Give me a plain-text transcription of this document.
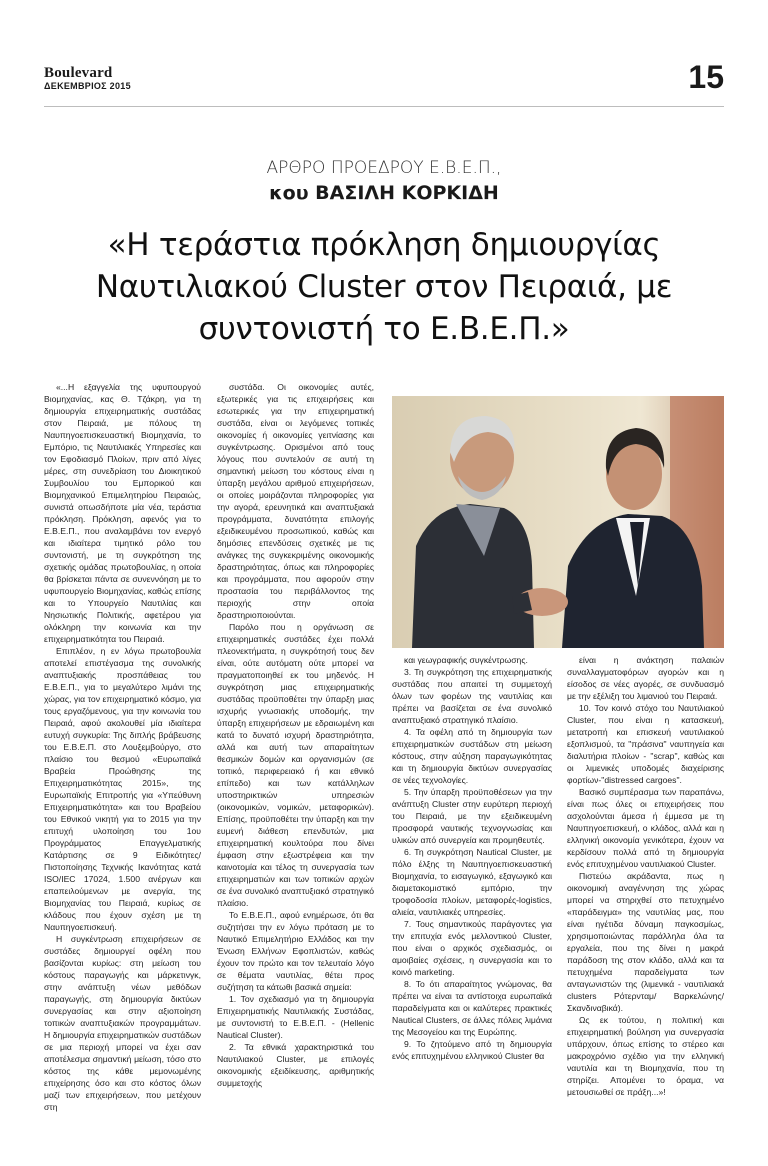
Boulevard
ΔΕΚΕΜΒΡΙΟΣ 2015	15
ΑΡΘΡΟ ΠΡΟΕΔΡΟΥ Ε.Β.Ε.Π.,
κου ΒΑΣΙΛΗ ΚΟΡΚΙΔΗ
«Η τεράστια πρόκληση δημιουργίας Ναυτιλιακού Cluster στον Πειραιά, με συντονιστή το Ε.Β.Ε.Π.»

«...Η εξαγγελία της υφυπουργού Βιομηχανίας, κας Θ. Τζάκρη, για τη δημιουργία επιχειρηματικής συστάδας στον Πειραιά, με πόλους τη Ναυπηγοεπισκευαστική Βιομηχανία, το Εμπόριο, τις Ναυτιλιακές Υπηρεσίες και τον Εφοδιασμό Πλοίων, πριν από λίγες μέρες, στη συνεδρίαση του Διοικητικού Συμβουλίου του Εμπορικού και Βιομηχανικού Επιμελητηρίου Πειραιώς, συνιστά οπωσδήποτε μία νέα, τεράστια πρόκληση. Πρόκληση, αφενός για το Ε.Β.Ε.Π., που αναλαμβάνει τον ενεργό και ιδιαίτερα τιμητικό ρόλο του συντονιστή, με τη συγκρότηση της σχετικής ομάδας πρωτοβουλίας, η οποία θα βρίσκεται πάντα σε συνεννόηση με το υφυπουργείο Βιομηχανίας, καθώς επίσης και το Υπουργείο Ναυτιλίας και Νησιωτικής Πολιτικής, αφετέρου για ολόκληρη την κοινωνία και την επιχειρηματικότητα του Πειραιά.

Επιπλέον, η εν λόγω πρωτοβουλία αποτελεί επιστέγασμα της συνολικής αναπτυξιακής προσπάθειας του Ε.Β.Ε.Π., για το μεγαλύτερο λιμάνι της χώρας, για τον επιχειρηματικό κόσμο, για τους εργαζόμενους, για την κοινωνία του Πειραιά, αφού ακολουθεί μία ιδιαίτερα ευτυχή συγκυρία: Της διπλής βράβευσης του Ε.Β.Ε.Π. στο Λουξεμβούργο, στο πλαίσιο του θεσμού «Ευρωπαϊκά Βραβεία Προώθησης της Επιχειρηματικότητας 2015», της Ευρωπαϊκής Επιτροπής για «Υπεύθυνη Επιχειρηματικότητα» και του Βραβείου του Εθνικού νικητή για το 2015 για την επιτυχή υλοποίηση του 1ου Προγράμματος Επαγγελματικής Κατάρτισης σε 9 Ειδικότητες/Πιστοποίησης Τεχνικής Ικανότητας κατά ISO/IEC 17024, 1.500 ανέργων και επαπειλούμενων με ανεργία, της Βιομηχανίας του Πειραιά, κυρίως σε κλάδους που έχουν σχέση με τη Ναυπηγοεπισκευή.

Η συγκέντρωση επιχειρήσεων σε συστάδες δημιουργεί οφέλη που βασίζονται κυρίως: στη μείωση του κόστους παραγωγής και μάρκετινγκ, στην ανάπτυξη νέων μεθόδων παραγωγής, στη δημιουργία δικτύων συνεργασίας και στην αξιοποίηση τοπικών αναπτυξιακών προγραμμάτων. Η δημιουργία επιχειρηματικών συστάδων σε μια περιοχή μπορεί να έχει σαν αποτέλεσμα σημαντική μείωση, τόσο στο κόστος της κάθε μεμονωμένης επιχείρησης όσο και στο κόστος όλων μαζί των επιχειρήσεων, που μετέχουν στη

συστάδα. Οι οικονομίες αυτές, εξωτερικές για τις επιχειρήσεις και εσωτερικές για την επιχειρηματική συστάδα, είναι οι λεγόμενες τοπικές οικονομίες ή οικονομίες γειτνίασης και συγκέντρωσης. Ορισμένοι από τους λόγους που συντελούν σε αυτή τη σημαντική μείωση του κόστους είναι η ύπαρξη μεγάλου αριθμού επιχειρήσεων, οι οποίες μοιράζονται πληροφορίες για την αγορά, ερευνητικά και αναπτυξιακά προγράμματα, δυνατότητα επιλογής εξειδικευμένου προσωπικού, καθώς και δημόσιες επενδύσεις σχετικές με τις ανάγκες της συγκεκριμένης οικονομικής δραστηριότητας, όπως και πληροφορίες και προγράμματα, που αφορούν στην προστασία του περιβάλλοντος της περιοχής στην οποία δραστηριοποιούνται.

Παρόλο που η οργάνωση σε επιχειρηματικές συστάδες έχει πολλά πλεονεκτήματα, η συγκρότησή τους δεν είναι, ούτε αυτόματη ούτε μπορεί να πραγματοποιηθεί εκ του μηδενός. Η συγκρότηση μιας επιχειρηματικής συστάδας προϋποθέτει την ύπαρξη μιας ισχυρής γνωσιακής υποδομής, την ύπαρξη επιχειρήσεων με εδραιωμένη και κατά το δυνατό ισχυρή δραστηριότητα, αλλά και αυτή των απαραίτητων θεσμικών δομών και οργανισμών (σε τοπικό, περιφερειακό ή και εθνικό επίπεδο) και των κατάλληλων υποστηρικτικών υπηρεσιών (οικονομικών, νομικών, μεταφορικών). Επίσης, προϋποθέτει την ύπαρξη και την ευμενή διάθεση επενδυτών, μια επιχειρηματική κουλτούρα που δίνει έμφαση στην εξωστρέφεια και την καινοτομία και τέλος τη συνεργασία των επιχειρηματιών και των τοπικών αρχών σε ένα συνολικό αναπτυξιακό στρατηγικό πλαίσιο.

Το Ε.Β.Ε.Π., αφού ενημέρωσε, ότι θα συζητήσει την εν λόγω πρόταση με το Ναυτικό Επιμελητήριο Ελλάδος και την Ένωση Ελλήνων Εφοπλιστών, καθώς έχουν τον πρώτο και τον τελευταίο λόγο σε θέματα ναυτιλίας, θέτει προς συζήτηση τα κάτωθι βασικά σημεία:

1. Τον σχεδιασμό για τη δημιουργία Επιχειρηματικής Ναυτιλιακής Συστάδας, με συντονιστή το Ε.Β.Ε.Π. - (Hellenic Nautical Cluster).

2. Τα εθνικά χαρακτηριστικά του Ναυτιλιακού Cluster, με επιλογές οικονομικής εξειδίκευσης, αριθμητικής συμμετοχής

και γεωγραφικής συγκέντρωσης.

3. Τη συγκρότηση της επιχειρηματικής συστάδας που απαιτεί τη συμμετοχή όλων των φορέων της ναυτιλίας και πρέπει να βασίζεται σε ένα συνολικό αναπτυξιακό στρατηγικό πλαίσιο.

4. Τα οφέλη από τη δημιουργία των επιχειρηματικών συστάδων στη μείωση κόστους, στην αύξηση παραγωγικότητας και τη δημιουργία δικτύων συνεργασίας σε νέες τεχνολογίες.

5. Την ύπαρξη προϋποθέσεων για την ανάπτυξη Cluster στην ευρύτερη περιοχή του Πειραιά, με την εξειδικευμένη προσφορά ναυτικής τεχνογνωσίας και υλικών από συνεργεία και προμηθευτές.

6. Τη συγκρότηση Nautical Cluster, με πόλο έλξης τη Ναυπηγοεπισκευαστική Βιομηχανία, το εισαγωγικό, εξαγωγικό και διαμετακομιστικό εμπόριο, την τροφοδοσία πλοίων, μεταφορές-logistics, αλιεία, ναυτιλιακές υπηρεσίες.

7. Τους σημαντικούς παράγοντες για την επιτυχία ενός μελλοντικού Cluster, που είναι ο αρχικός σχεδιασμός, οι αμοιβαίες σχέσεις, η συνεργασία και το κοινό marketing.

8. Το ότι απαραίτητος γνώμονας, θα πρέπει να είναι τα αντίστοιχα ευρωπαϊκά παραδείγματα και οι καλύτερες πρακτικές Nautical Clusters, σε άλλες πόλεις λιμάνια της Μεσογείου και της Ευρώπης.

9. Το ζητούμενο από τη δημιουργία ενός επιτυχημένου ελληνικού Cluster θα

είναι η ανάκτηση παλαιών συναλλαγματοφόρων αγορών και η είσοδος σε νέες αγορές, σε συνδυασμό με την εξέλιξη του λιμανιού του Πειραιά.

10. Τον κοινό στόχο του Ναυτιλιακού Cluster, που είναι η κατασκευή, μετατροπή και επισκευή ναυτιλιακού εξοπλισμού, τα "πράσινα" ναυπηγεία και διαλυτήρια πλοίων - "scrap", καθώς και οι λιμενικές υποδομές διαχείρισης φορτίων-"distressed cargoes".

Βασικό συμπέρασμα των παραπάνω, είναι πως όλες οι επιχειρήσεις που ασχολούνται άμεσα ή έμμεσα με τη Ναυπηγοεπισκευή, ο κλάδος, αλλά και η ελληνική οικονομία γενικότερα, έχουν να κερδίσουν πολλά από τη δημιουργία ενός επιτυχημένου ναυτιλιακού Cluster.

Πιστεύω ακράδαντα, πως η οικονομική αναγέννηση της χώρας μπορεί να στηριχθεί στο πετυχημένο «παράδειγμα» της ναυτιλίας μας, που είναι ηγέτιδα δύναμη παγκοσμίως, χρησιμοποιώντας παράλληλα όλα τα εργαλεία, που της δίνει η μακρά παράδοση της στον κλάδο, αλλά και τα πετυχημένα παραδείγματα των ανταγωνιστών της (λιμενικά - ναυτιλιακά clusters Ρότερνταμ/ Βαρκελώνης/ Σκανδιναβικά).

Ως εκ τούτου, η πολιτική και επιχειρηματική βούληση για συνεργασία υπάρχουν, όπως επίσης το στέρεο και μακροχρόνιο σχέδιο για την ελληνική ναυτιλία και τη Βιομηχανία, που τη στηρίζει. Απομένει το όραμα, να μετουσιωθεί σε πράξη...»!
